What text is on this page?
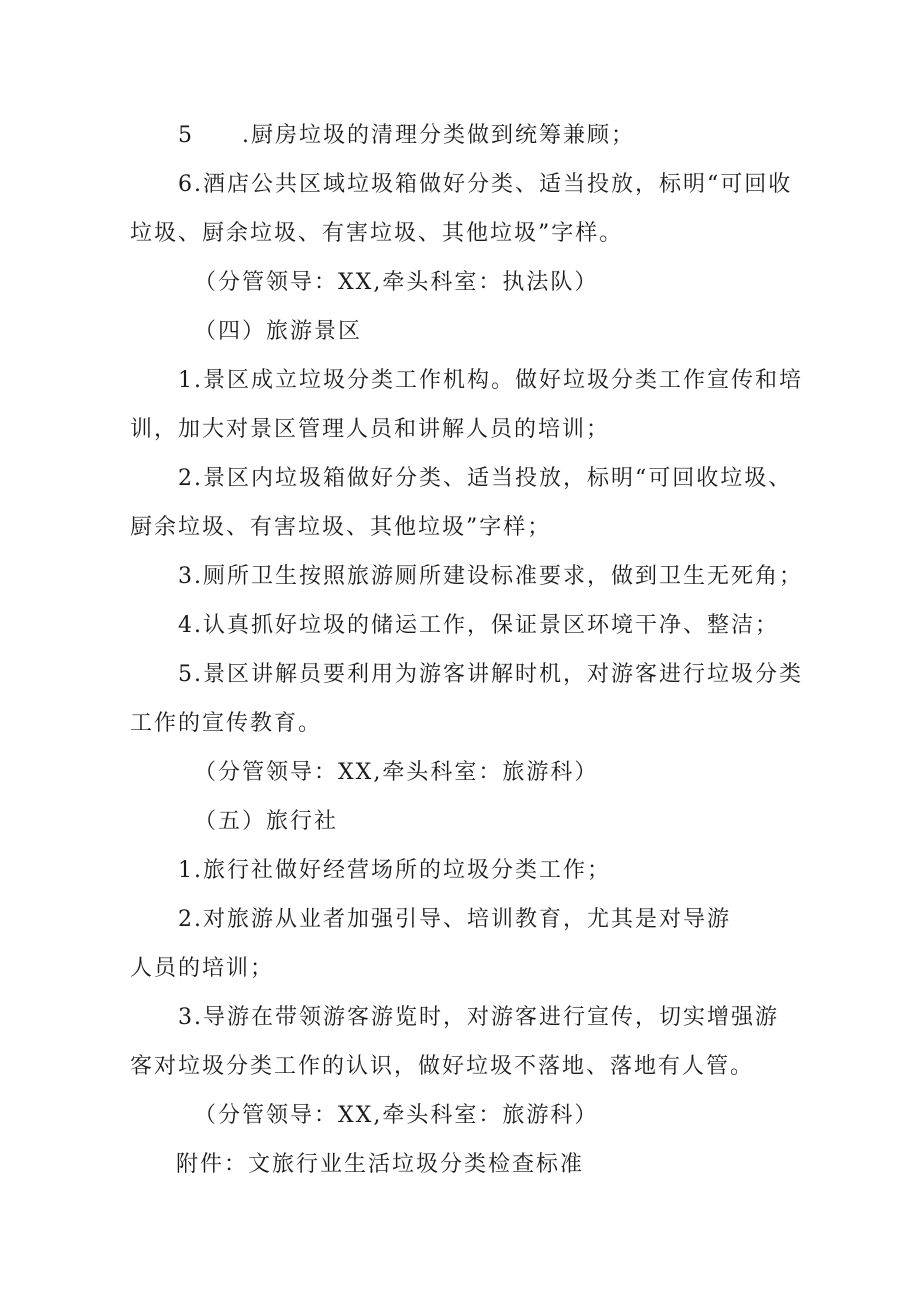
5　　.厨房垃圾的清理分类做到统筹兼顾；
6.酒店公共区域垃圾箱做好分类、适当投放，标明“可回收
垃圾、厨余垃圾、有害垃圾、其他垃圾”字样。
（分管领导：XX,牵头科室：执法队）
（四）旅游景区
1.景区成立垃圾分类工作机构。做好垃圾分类工作宣传和培
训，加大对景区管理人员和讲解人员的培训；
2.景区内垃圾箱做好分类、适当投放，标明“可回收垃圾、
厨余垃圾、有害垃圾、其他垃圾”字样；
3.厕所卫生按照旅游厕所建设标准要求，做到卫生无死角；
4.认真抓好垃圾的储运工作，保证景区环境干净、整洁；
5.景区讲解员要利用为游客讲解时机，对游客进行垃圾分类
工作的宣传教育。
（分管领导：XX,牵头科室：旅游科）
（五）旅行社
1.旅行社做好经营场所的垃圾分类工作；
2.对旅游从业者加强引导、培训教育，尤其是对导游
人员的培训；
3.导游在带领游客游览时，对游客进行宣传，切实增强游
客对垃圾分类工作的认识，做好垃圾不落地、落地有人管。
（分管领导：XX,牵头科室：旅游科）
附件：文旅行业生活垃圾分类检查标准
